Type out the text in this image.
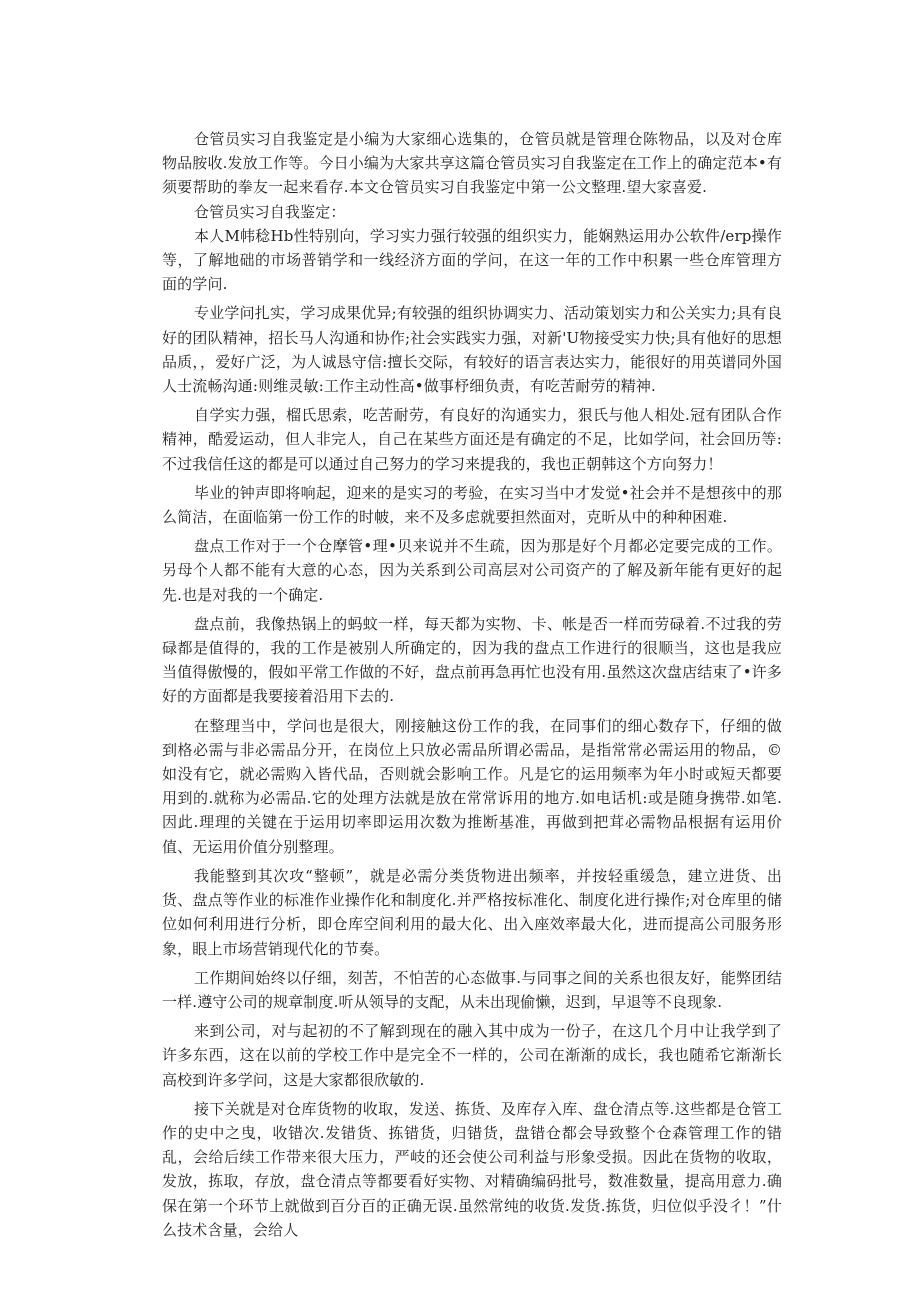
仓管员实习自我鉴定是小编为大家细心选集的，仓管员就是管理仓陈物品，以及对仓库物品胺收.发放工作等。今日小编为大家共享这篇仓管员实习自我鉴定在工作上的确定范本•有须要帮助的拳友一起来看存.本文仓管员实习自我鉴定中第一公文整理.望大家喜爱.

仓管员实习自我鉴定：

本人M帏稔Hb性特别向，学习实力强行较强的组织实力，能娴熟运用办公软件/erp操作等，了解地础的市场普销学和一线经济方面的学问，在这一年的工作中积累一些仓库管理方面的学问.

专业学问扎实，学习成果优异;有较强的组织协调实力、活动策划实力和公关实力;具有良好的团队精神，招长马人沟通和协作;社会实践实力强，对新'U物接受实力快;具有他好的思想品质，，爱好广泛，为人诚恳守信:擅长交际，有较好的语言表达实力，能很好的用英谱同外国人士流畅沟通:则维灵敏:工作主动性高•做事杼细负责，有吃苦耐劳的精神.

自学实力强，榴氏思索，吃苦耐劳，有良好的沟通实力，狠氏与他人相处.冠有团队合作精神，酷爱运动，但人非完人，自己在某些方面还是有确定的不足，比如学问，社会回历等:不过我信任这的都是可以通过自己努力的学习来提我的，我也正朝韩这个方向努力！

毕业的钟声即将响起，迎来的是实习的考验，在实习当中才发觉•社会并不是想孩中的那么简洁，在面临第一份工作的时帔，来不及多虑就要担然面对，克昕从中的种种困难.

盘点工作对于一个仓摩管•理•贝来说并不生疏，因为那是好个月都必定要完成的工作。另母个人都不能有大意的心态，因为关系到公司高层对公司资产的了解及新年能有更好的起先.也是对我的一个确定.

盘点前，我像热锅上的蚂蚊一样，每天都为实物、卡、帐是否一样而劳碌着.不过我的劳碌都是值得的，我的工作是被别人所确定的，因为我的盘点工作进行的很顺当，这也是我应当值得傲慢的，假如平常工作做的不好，盘点前再急再忙也没有用.虽然这次盘店结束了•许多好的方面都是我要接着沿用下去的.

在整理当中，学问也是很大，刚接触这份工作的我，在同事们的细心数存下，仔细的做到格必需与非必需品分开，在岗位上只放必需品所谓必需品，是指常常必需运用的物品，©如没有它，就必需购入皆代品，否则就会影响工作。凡是它的运用频率为年小时或短天都要用到的.就称为必需品.它的处理方法就是放在常常诉用的地方.如电话机:或是随身携带.如笔.因此.理理的关键在于运用切率即运用次数为推断基准，再做到把茸必需物品根据有运用价值、无运用价值分别整理。

我能整到其次攻“整顿”，就是必需分类货物进出频率，并按轻重缓急，建立进货、出货、盘点等作业的标准作业操作化和制度化.并严格按标准化、制度化进行操作;对仓库里的储位如何利用进行分析，即仓库空间利用的最大化、出入座效率最大化，进而提高公司服务形象，眼上市场营销现代化的节奏。

工作期间始终以仔细，刻苦，不怕苦的心态做事.与同事之间的关系也很友好，能弊团结一样.遵守公司的规章制度.听从领导的支配，从未出现偷懒，迟到，早退等不良现象.

来到公司，对与起初的不了解到现在的融入其中成为一份子，在这几个月中让我学到了许多东西，这在以前的学校工作中是完全不一样的，公司在渐渐的成长，我也随希它渐渐长高校到许多学问，这是大家都很欣敏的.

接下关就是对仓库货物的收取，发送、拣货、及库存入库、盘仓清点等.这些都是仓管工作的史中之曳，收错次.发错货、拣错货，归错货，盘错仓都会导致整个仓森管理工作的错乱，会给后续工作带来很大压力，严岐的还会使公司利益与形象受损。因此在货物的收取，发放，拣取，存放，盘仓清点等都要看好实物、对精确编码批号，数准数量，提高用意力.确保在第一个环节上就做到百分百的正确无误.虽然常纯的收货.发货.拣货，归位似乎没彳！”什么技术含量，会给人
